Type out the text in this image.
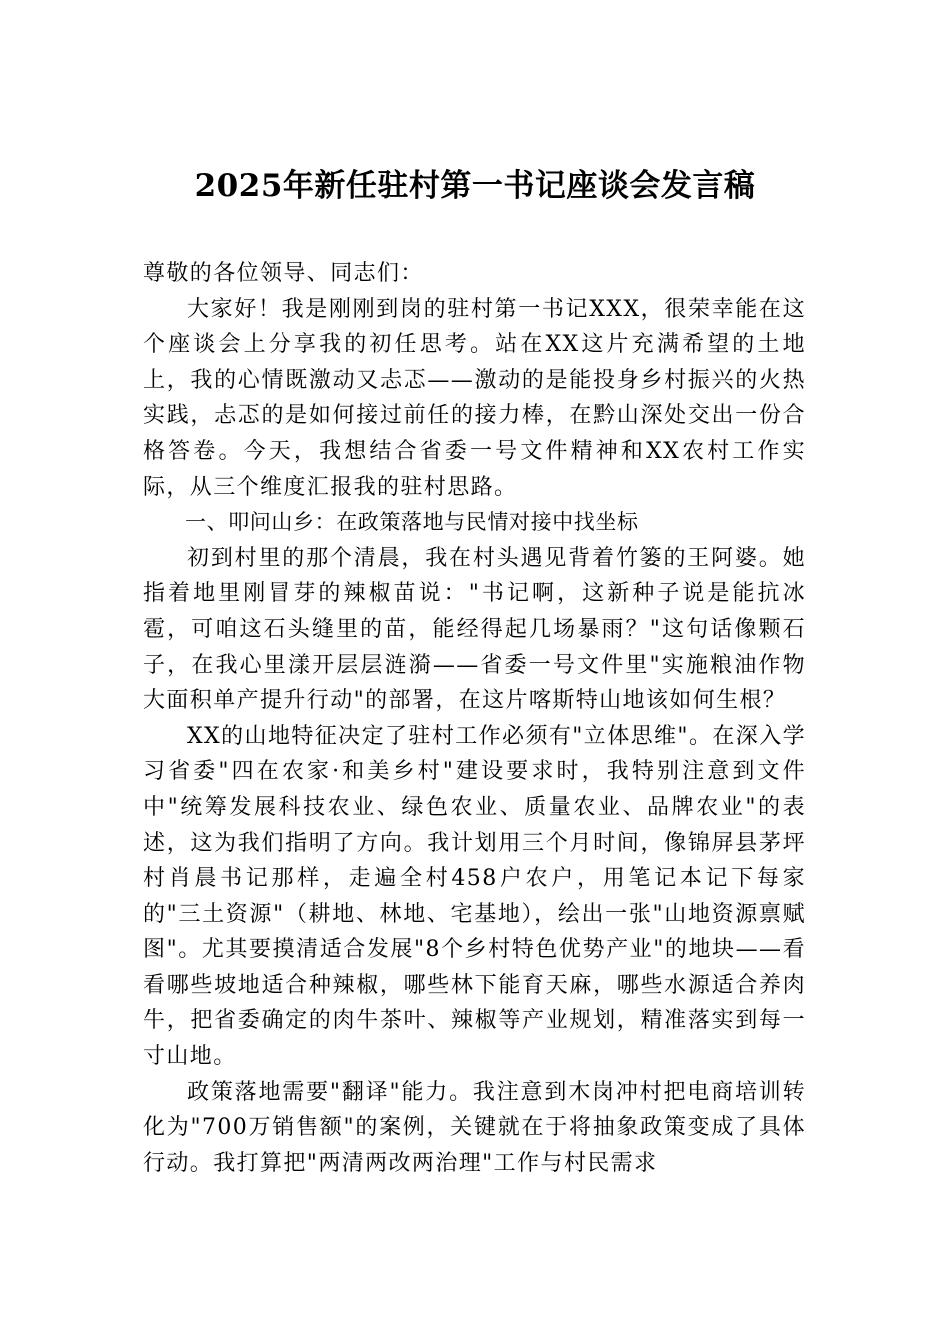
2025年新任驻村第一书记座谈会发言稿

尊敬的各位领导、同志们：

大家好！我是刚刚到岗的驻村第一书记XXX，很荣幸能在这个座谈会上分享我的初任思考。站在XX这片充满希望的土地上，我的心情既激动又忐忑——激动的是能投身乡村振兴的火热实践，忐忑的是如何接过前任的接力棒，在黔山深处交出一份合格答卷。今天，我想结合省委一号文件精神和XX农村工作实际，从三个维度汇报我的驻村思路。

一、叩问山乡：在政策落地与民情对接中找坐标

初到村里的那个清晨，我在村头遇见背着竹篓的王阿婆。她指着地里刚冒芽的辣椒苗说："书记啊，这新种子说是能抗冰雹，可咱这石头缝里的苗，能经得起几场暴雨？"这句话像颗石子，在我心里漾开层层涟漪——省委一号文件里"实施粮油作物大面积单产提升行动"的部署，在这片喀斯特山地该如何生根？

XX的山地特征决定了驻村工作必须有"立体思维"。在深入学习省委"四在农家·和美乡村"建设要求时，我特别注意到文件中"统筹发展科技农业、绿色农业、质量农业、品牌农业"的表述，这为我们指明了方向。我计划用三个月时间，像锦屏县茅坪村肖晨书记那样，走遍全村458户农户，用笔记本记下每家的"三土资源"（耕地、林地、宅基地），绘出一张"山地资源禀赋图"。尤其要摸清适合发展"8个乡村特色优势产业"的地块——看看哪些坡地适合种辣椒，哪些林下能育天麻，哪些水源适合养肉牛，把省委确定的肉牛茶叶、辣椒等产业规划，精准落实到每一寸山地。

政策落地需要"翻译"能力。我注意到木岗冲村把电商培训转化为"700万销售额"的案例，关键就在于将抽象政策变成了具体行动。我打算把"两清两改两治理"工作与村民需求
